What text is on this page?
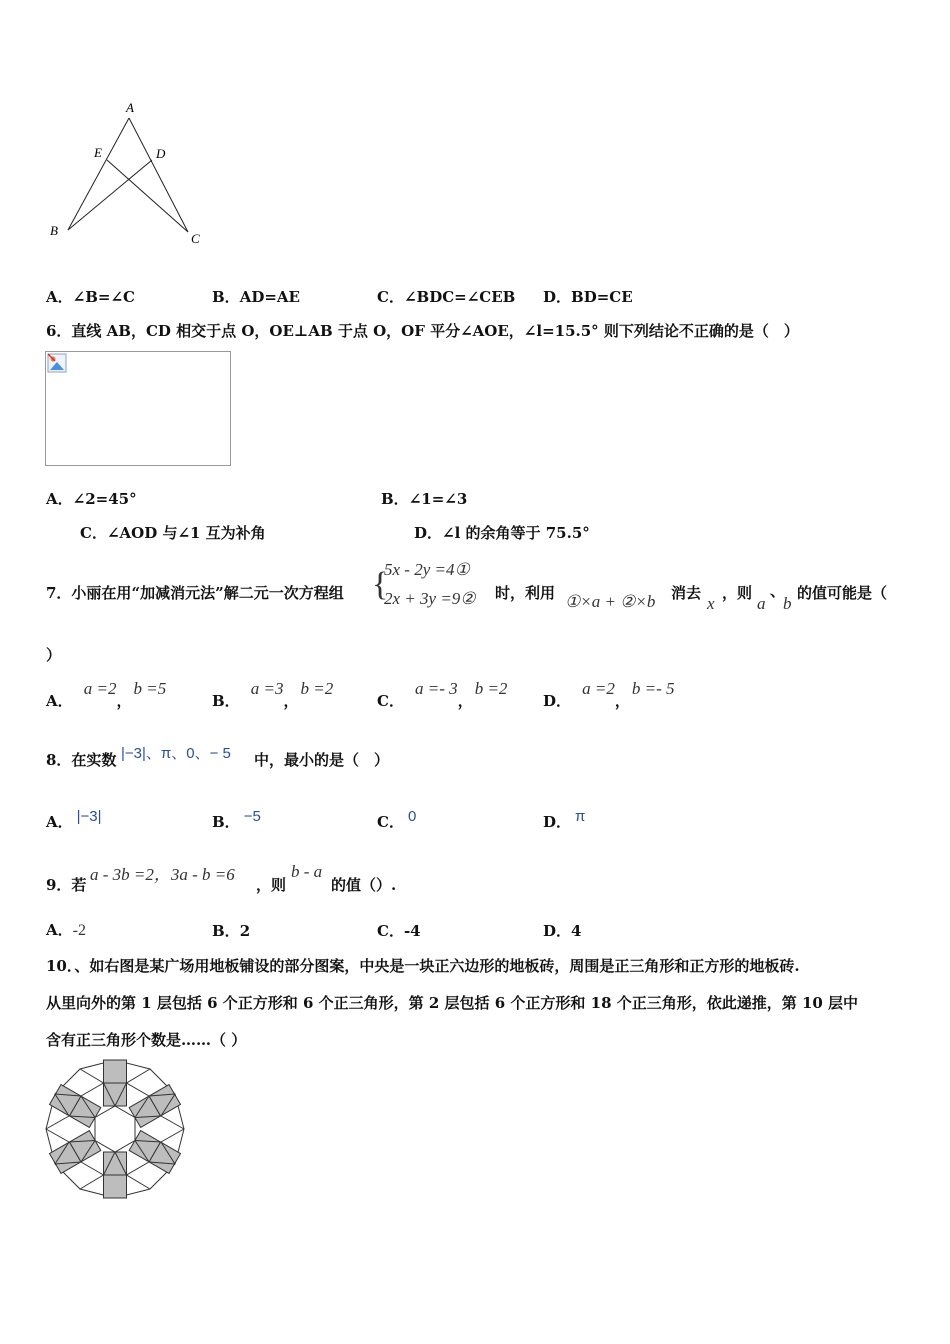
A
E	D
B
C
A．∠B=∠C	B．AD=AE	C．∠BDC=∠CEB D．BD=CE
6．直线 AB，CD 相交于点 O，OE⊥AB 于点 O，OF 平分∠AOE，∠l=15.5° 则下列结论不正确的是（　）
A．∠2=45°	B．∠1=∠3
C．∠AOD 与∠1 互为补角	D．∠l 的余角等于 75.5°
7．小丽在用“加减消元法”解二元一次方程组 {
5x - 2y =4①
2x + 3y =9② 时，利用 ①×a + ②×b 消去
x
，则
a
、
b
的值可能是（
）
A． a =2，b =5
B． a =3，b =2
C． a =- 3，b =2
D． a =2，b =- 5
8．在实数 |−3|、π、0、− 5 中，最小的是（　）
A． |−3|	B． −5	C． 0	D． π
9．若
a - 3b =2，3a - b =6
，则
b - a
的值（）.
A．-2	B．2	C．-4	D．4
10．、如右图是某广场用地板铺设的部分图案，中央是一块正六边形的地板砖，周围是正三角形和正方形的地板砖.
从里向外的第 1 层包括 6 个正方形和 6 个正三角形，第 2 层包括 6 个正方形和 18 个正三角形，依此递推，第 10 层中
含有正三角形个数是……（ ）
